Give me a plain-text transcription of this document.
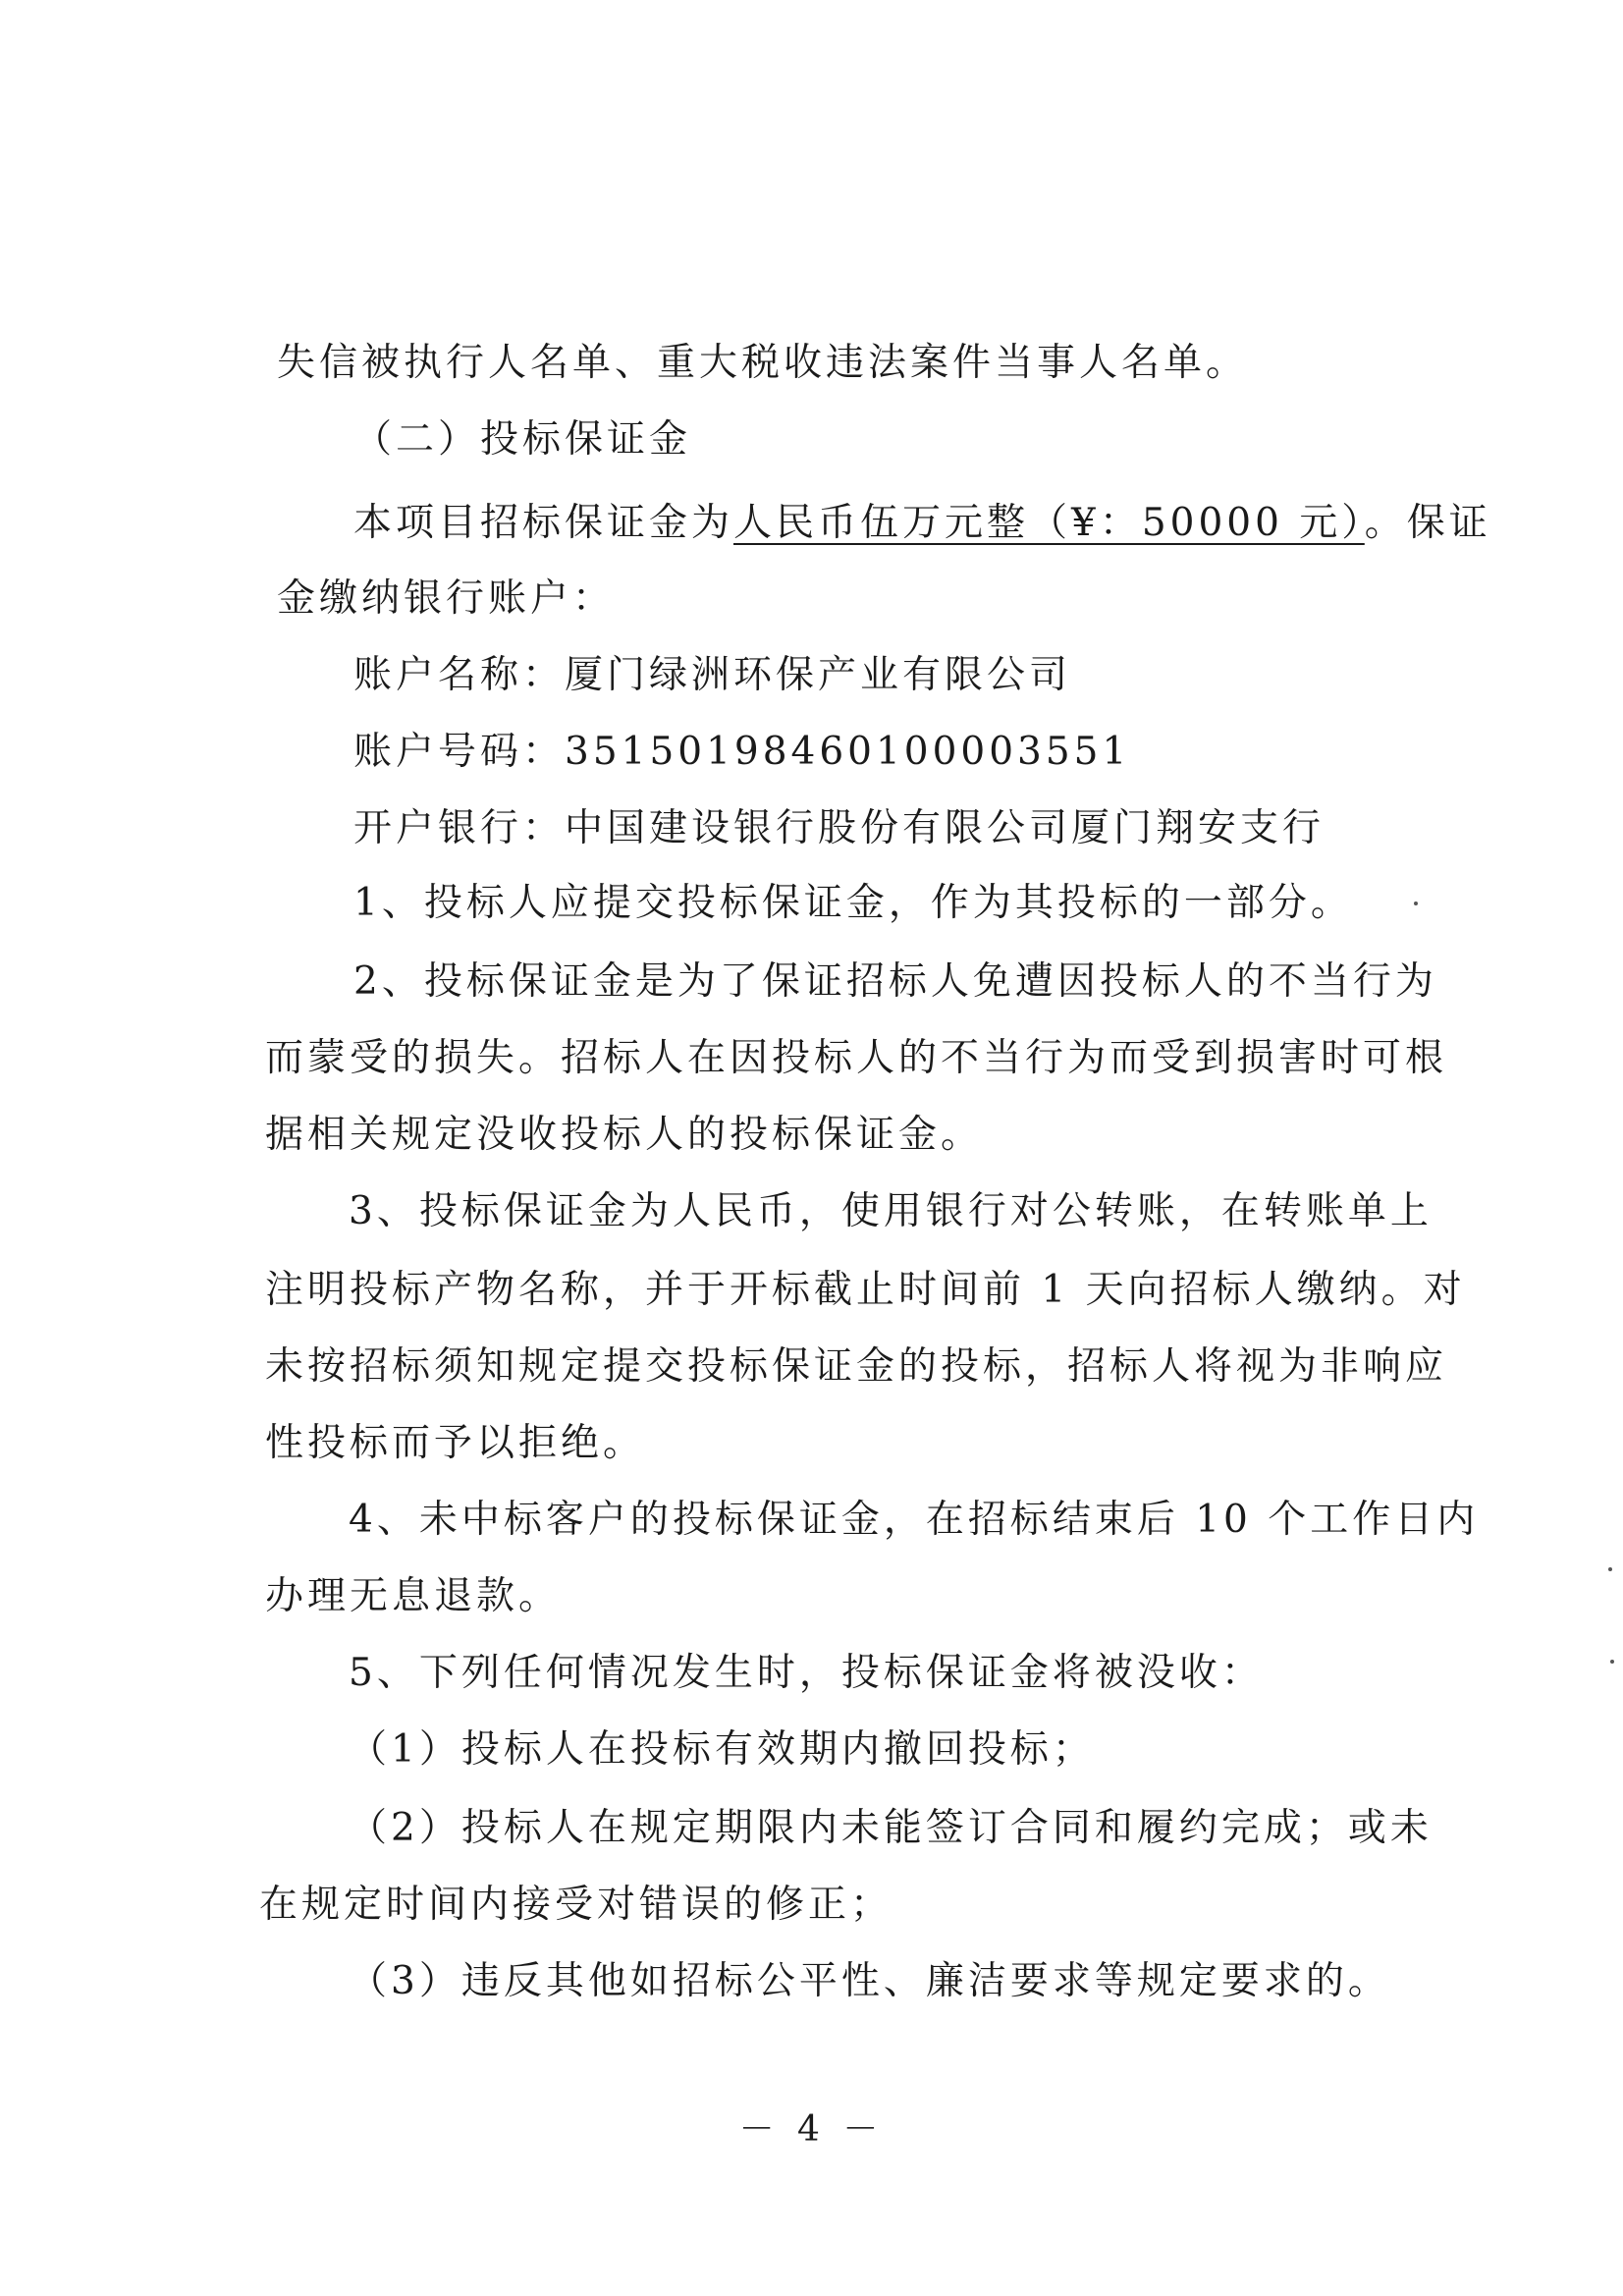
失信被执行人名单、重大税收违法案件当事人名单。
（二）投标保证金
本项目招标保证金为人民币伍万元整（¥：50000 元）。保证
金缴纳银行账户：
账户名称：厦门绿洲环保产业有限公司
账户号码：35150198460100003551
开户银行：中国建设银行股份有限公司厦门翔安支行
1、投标人应提交投标保证金，作为其投标的一部分。
2、投标保证金是为了保证招标人免遭因投标人的不当行为
而蒙受的损失。招标人在因投标人的不当行为而受到损害时可根
据相关规定没收投标人的投标保证金。
3、投标保证金为人民币，使用银行对公转账，在转账单上
注明投标产物名称，并于开标截止时间前 1 天向招标人缴纳。对
未按招标须知规定提交投标保证金的投标，招标人将视为非响应
性投标而予以拒绝。
4、未中标客户的投标保证金，在招标结束后 10 个工作日内
办理无息退款。
5、下列任何情况发生时，投标保证金将被没收：
（1）投标人在投标有效期内撤回投标；
（2）投标人在规定期限内未能签订合同和履约完成；或未
在规定时间内接受对错误的修正；
（3）违反其他如招标公平性、廉洁要求等规定要求的。
－ 4 －
